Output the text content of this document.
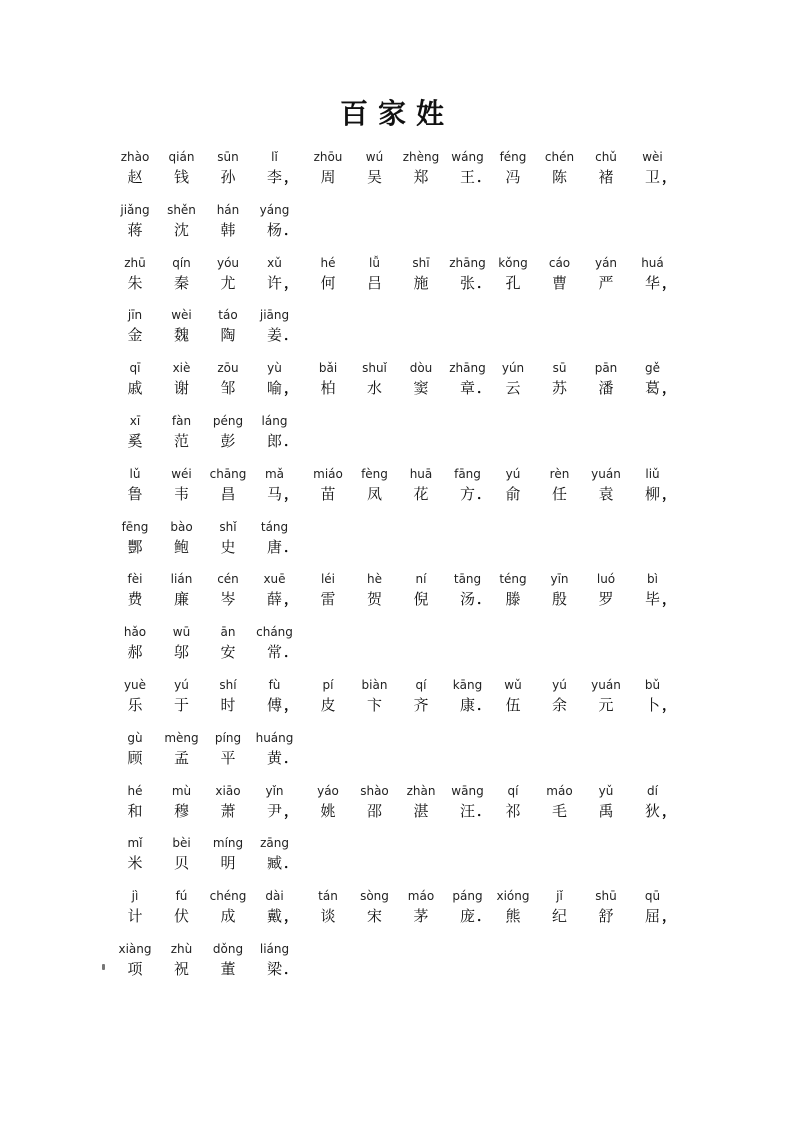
百家姓
zhào
赵
qián
钱
sūn
孙
lǐ
李 ，
zhōu
周
wú
吴
zhèng
郑
wáng
王 ．
féng
冯
chén
陈
chǔ
褚
wèi
卫 ，
jiǎng
蒋
shěn
沈
hán
韩
yáng
杨 ．
zhū
朱
qín
秦
yóu
尤
xǔ
许 ，
hé
何
lǚ
吕
shī
施
zhāng
张 ．
kǒng
孔
cáo
曹
yán
严
huá
华 ，
jīn
金
wèi
魏
táo
陶
jiāng
姜 ．
qī
戚
xiè
谢
zōu
邹
yù
喻 ，
bǎi
柏
shuǐ
水
dòu
窦
zhāng
章 ．
yún
云
sū
苏
pān
潘
gě
葛 ，
xī
奚
fàn
范
péng
彭
láng
郎 ．
lǔ
鲁
wéi
韦
chāng
昌
mǎ
马 ，
miáo
苗
fèng
凤
huā
花
fāng
方 ．
yú
俞
rèn
任
yuán
袁
liǔ
柳 ，
fēng
酆
bào
鲍
shǐ
史
táng
唐 ．
fèi
费
lián
廉
cén
岑
xuē
薛 ，
léi
雷
hè
贺
ní
倪
tāng
汤 ．
téng
滕
yīn
殷
luó
罗
bì
毕 ，
hǎo
郝
wū
邬
ān
安
cháng
常 ．
yuè
乐
yú
于
shí
时
fù
傅 ，
pí
皮
biàn
卞
qí
齐
kāng
康 ．
wǔ
伍
yú
余
yuán
元
bǔ
卜 ，
gù
顾
mèng
孟
píng
平
huáng
黄 ．
hé
和
mù
穆
xiāo
萧
yǐn
尹 ，
yáo
姚
shào
邵
zhàn
湛
wāng
汪 ．
qí
祁
máo
毛
yǔ
禹
dí
狄 ，
mǐ
米
bèi
贝
míng
明
zāng
臧 ．
jì
计
fú
伏
chéng
成
dài
戴 ，
tán
谈
sòng
宋
máo
茅
páng
庞 ．
xióng
熊
jǐ
纪
shū
舒
qū
屈 ，
xiàng
项
zhù
祝
dǒng
董
liáng
梁 ．
